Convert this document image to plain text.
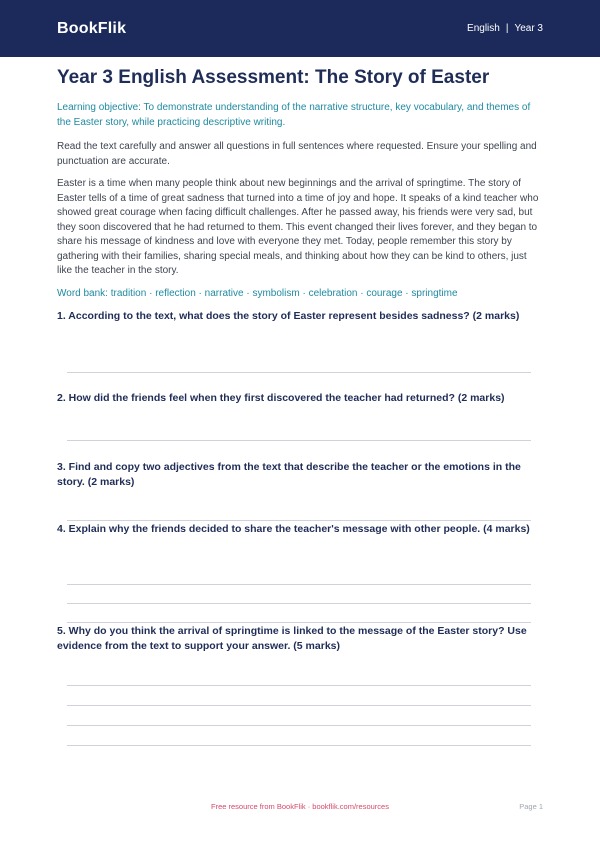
BookFlik	English | Year 3
Year 3 English Assessment: The Story of Easter

Learning objective: To demonstrate understanding of the narrative structure, key vocabulary, and themes of the Easter story, while practicing descriptive writing.

Read the text carefully and answer all questions in full sentences where requested. Ensure your spelling and punctuation are accurate.

Easter is a time when many people think about new beginnings and the arrival of springtime. The story of Easter tells of a time of great sadness that turned into a time of joy and hope. It speaks of a kind teacher who showed great courage when facing difficult challenges. After he passed away, his friends were very sad, but they soon discovered that he had returned to them. This event changed their lives forever, and they began to share his message of kindness and love with everyone they met. Today, people remember this story by gathering with their families, sharing special meals, and thinking about how they can be kind to others, just like the teacher in the story.

Word bank: tradition · reflection · narrative · symbolism · celebration · courage · springtime

1. According to the text, what does the story of Easter represent besides sadness? (2 marks)

2. How did the friends feel when they first discovered the teacher had returned? (2 marks)

3. Find and copy two adjectives from the text that describe the teacher or the emotions in the story. (2 marks)

4. Explain why the friends decided to share the teacher's message with other people. (4 marks)

5. Why do you think the arrival of springtime is linked to the message of the Easter story? Use evidence from the text to support your answer. (5 marks)

Free resource from BookFlik · bookflik.com/resources	Page 1
